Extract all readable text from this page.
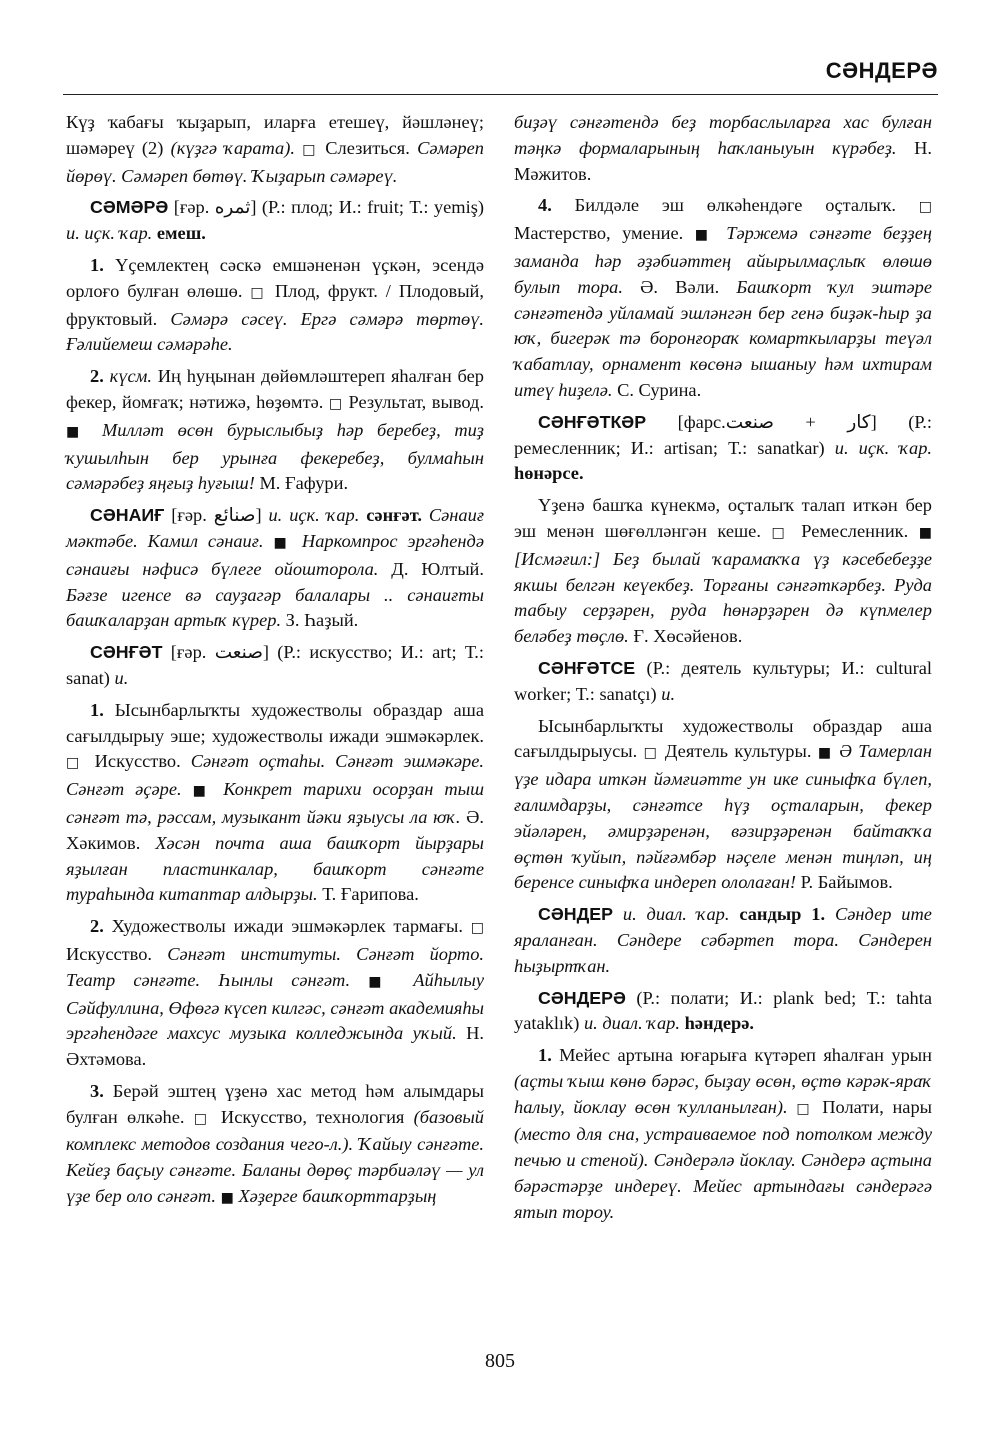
СӘНДЕРӘ

Күҙ ҡабағы ҡыҙарып, иларға етешеү, йәшләнеү; шәмәреү (2) (күҙгә ҡарата). □ Слезиться. Сәмәреп йөрөү. Сәмәреп бөтөү. Ҡыҙарып сәмәреү.

СӘМӘРӘ [ғәр. ثمره] (Р.: плод; И.: fruit; Т.: yemiş) и. иҫк. ҡар. емеш.

1. Үҫемлектең сәскә емшәненән үҫкән, эсендә орлоғо булған өлөшө. □ Плод, фрукт. / Плодовый, фруктовый. Сәмәрә сәсеү. Ергә сәмәрә төртөү. Ғәлийемеш сәмәрәһе.

2. күсм. Иң һуңынан дөйөмләштереп яһалған бер фекер, йомғаҡ; нәтижә, һөҙөмтә. □ Результат, вывод. ■ Милләт өсөн бурыслыбыҙ һәр беребеҙ, тиҙ ҡушылһын бер урынға фекеребеҙ, булмаһын сәмәрәбеҙ яңғыҙ һуғыш! М. Ғафури.

СӘНАИҒ [ғәр. صنائع] и. иҫк. ҡар. сәнғәт. Сәнаиғ мәктәбе. Камил сәнаиғ. ■ Наркомпрос эргәһендә сәнаиғы нәфисә бүлеге ойошторола. Д. Юлтый. Бәғзе игенсе вә сауҙагәр балалары .. сәнаиғты башҡаларҙан артыҡ күрер. З. Һаҙый.

СӘНҒӘТ [ғәр. صنعت] (Р.: искусство; И.: art; Т.: sanat) и.

1. Ысынбарлыҡты художестволы образдар аша сағылдырыу эше; художестволы ижади эшмәкәрлек. □ Искусство. Сәнғәт оҫтаһы. Сәнғәт эшмәкәре. Сәнғәт әҫәре. ■ Конкрет тарихи осорҙан тыш сәнғәт тә, рәссам, музыкант йәки яҙыусы ла юҡ. Ә. Хәкимов. Хәсән почта аша башҡорт йырҙары яҙылған пластинкалар, башҡорт сәнғәте тураһында китаптар алдырҙы. Т. Ғарипова.

2. Художестволы ижади эшмәкәрлек тармағы. □ Искусство. Сәнғәт институты. Сәнғәт йорто. Театр сәнғәте. Һынлы сәнғәт. ■ Айһылыу Сәйфуллина, Өфөгә күсеп килгәс, сәнғәт академияһы эргәһендәге махсус музыка колледжында уҡый. Н. Әхтәмова.

3. Берәй эштең үҙенә хас метод һәм алымдары булған өлкәһе. □ Искусство, технология (базовый комплекс методов создания чего-л.). Ҡайыу сәнғәте. Кейеҙ баҫыу сәнғәте. Баланы дөрөҫ тәрбиәләү — ул үҙе бер оло сәнғәт. ■ Хәҙерге башҡорттарҙың

биҙәү сәнғәтендә беҙ торбаслыларға хас булған тәңкә формаларының һаҡланыуын күрәбеҙ. Н. Мәжитов.

4. Билдәле эш өлкәһендәге оҫталыҡ. □ Мастерство, умение. ■ Тәржемә сәнғәте беҙҙең заманда һәр әҙәбиәттең айырылмаҫлыҡ өлөшө булып тора. Ә. Вәли. Башҡорт ҡул эштәре сәнғәтендә уйламай эшләнгән бер генә биҙәк-һыр ҙа юҡ, бигерәк тә боронғораҡ комарткыларҙы теүәл ҡабатлау, орнамент көсөнә ышаныу һәм ихтирам итеү һиҙелә. С. Сурина.

СӘНҒӘТКӘР [фарс.کار + صنعت] (Р.: ремесленник; И.: artisan; Т.: sanatkar) и. иҫк. ҡар. һөнәрсе.

Үҙенә башҡа күнекмә, оҫталыҡ талап иткән бер эш менән шөғөлләнгән кеше. □ Ремесленник. ■ [Исмәғил:] Беҙ былай ҡарамаҡҡа үҙ кәсебебеҙҙе якшы белгән кеүекбеҙ. Торғаны сәнғәткәрбеҙ. Руда табыу серҙәрен, руда һөнәрҙәрен дә күпмелер беләбеҙ төҫлө. Ғ. Хөсәйенов.

СӘНҒӘТСЕ (Р.: деятель культуры; И.: cultural worker; Т.: sanatçı) и.

Ысынбарлыҡты художестволы образдар аша сағылдырыусы. □ Деятель культуры. ■ Ә Тамерлан үҙе идара иткән йәмғиәтте ун ике синыфҡа бүлеп, ғалимдарҙы, сәнғәтсе һүҙ оҫталарын, фекер эйәләрен, әмирҙәренән, вәзирҙәренән байтаҡҡа өҫтөн ҡуйып, пәйғәмбәр нәҫеле менән тиңләп, иң беренсе синыфҡа индереп ололаған! Р. Байымов.

СӘНДЕР и. диал. ҡар. сандыр 1. Сәндер ите яраланған. Сәндере сәбәртеп тора. Сәндерен һыҙыртҡан.

СӘНДЕРӘ (Р.: полати; И.: plank bed; Т.: tahta yataklık) и. диал. ҡар. һәндерә.

1. Мейес артына юғарыға күтәреп яһалған урын (аҫты ҡыш көнө бәрәс, быҙау өсөн, өҫтө кәрәк-яраҡ һалыу, йоклау өсөн ҡулланылған). □ Полати, нары (место для сна, устраиваемое под потолком между печью и стеной). Сәндерәлә йоклау. Сәндерә аҫтына бәрәстәрҙе индереү. Мейес артындағы сәндерәгә ятып тороу.

805
